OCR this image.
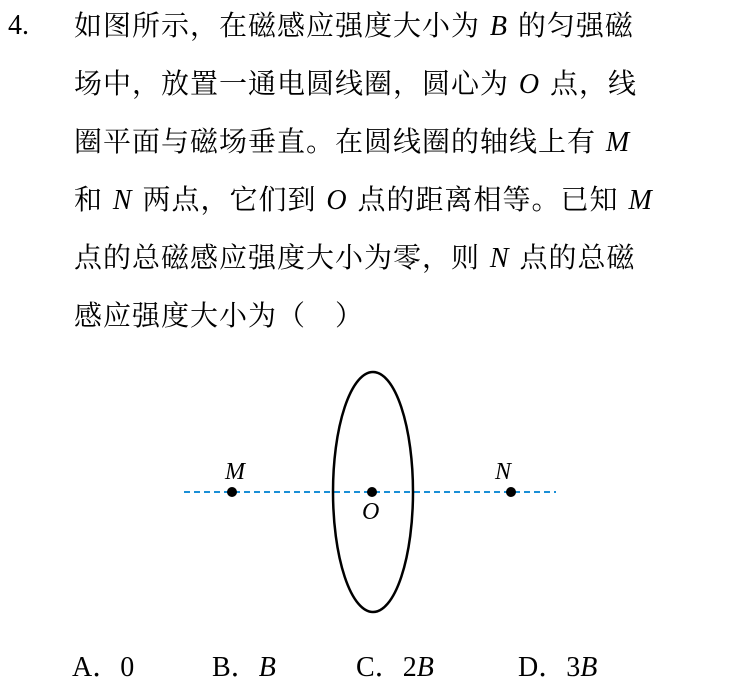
4. 如图所示，在磁感应强度大小为 B 的匀强磁
场中，放置一通电圆线圈，圆心为 O 点，线
圈平面与磁场垂直。在圆线圈的轴线上有 M
和 N 两点，它们到 O 点的距离相等。已知 M
点的总磁感应强度大小为零，则 N 点的总磁
感应强度大小为（　）
M	N
O
A．0	B．B	C．2B	D．3B
